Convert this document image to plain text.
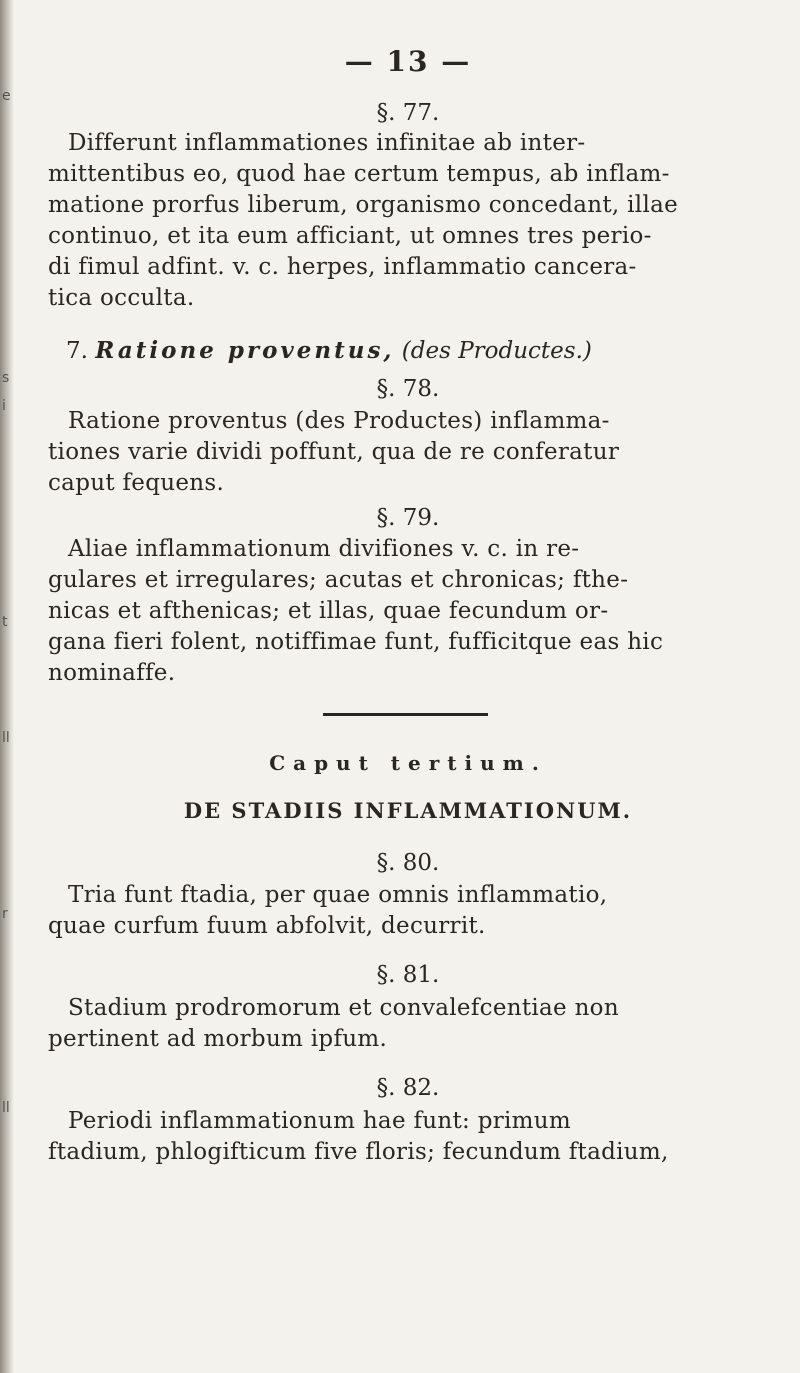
e
s
i
t
ll
r
ll
— 13 —
§. 77.
Differunt inflammationes infinitae ab inter-
mittentibus eo, quod hae certum tempus, ab inflam-
matione prorfus liberum, organismo concedant, illae
continuo, et ita eum afficiant, ut omnes tres perio-
di fimul adfint. v. c. herpes, inflammatio cancera-
tica occulta.
7. Ratione proventus, (des Productes.)
§. 78.
Ratione proventus (des Productes) inflamma-
tiones varie dividi poffunt, qua de re conferatur
caput fequens.
§. 79.
Aliae inflammationum divifiones v. c. in re-
gulares et irregulares; acutas et chronicas; fthe-
nicas et afthenicas; et illas, quae fecundum or-
gana fieri folent, notiffimae funt, fufficitque eas hic
nominaffe.
Caput tertium.
DE STADIIS INFLAMMATIONUM.
§. 80.
Tria funt ftadia, per quae omnis inflammatio,
quae curfum fuum abfolvit, decurrit.
§. 81.
Stadium prodromorum et convalefcentiae non
pertinent ad morbum ipfum.
§. 82.
Periodi inflammationum hae funt: primum
ftadium, phlogifticum five floris; fecundum ftadium,
